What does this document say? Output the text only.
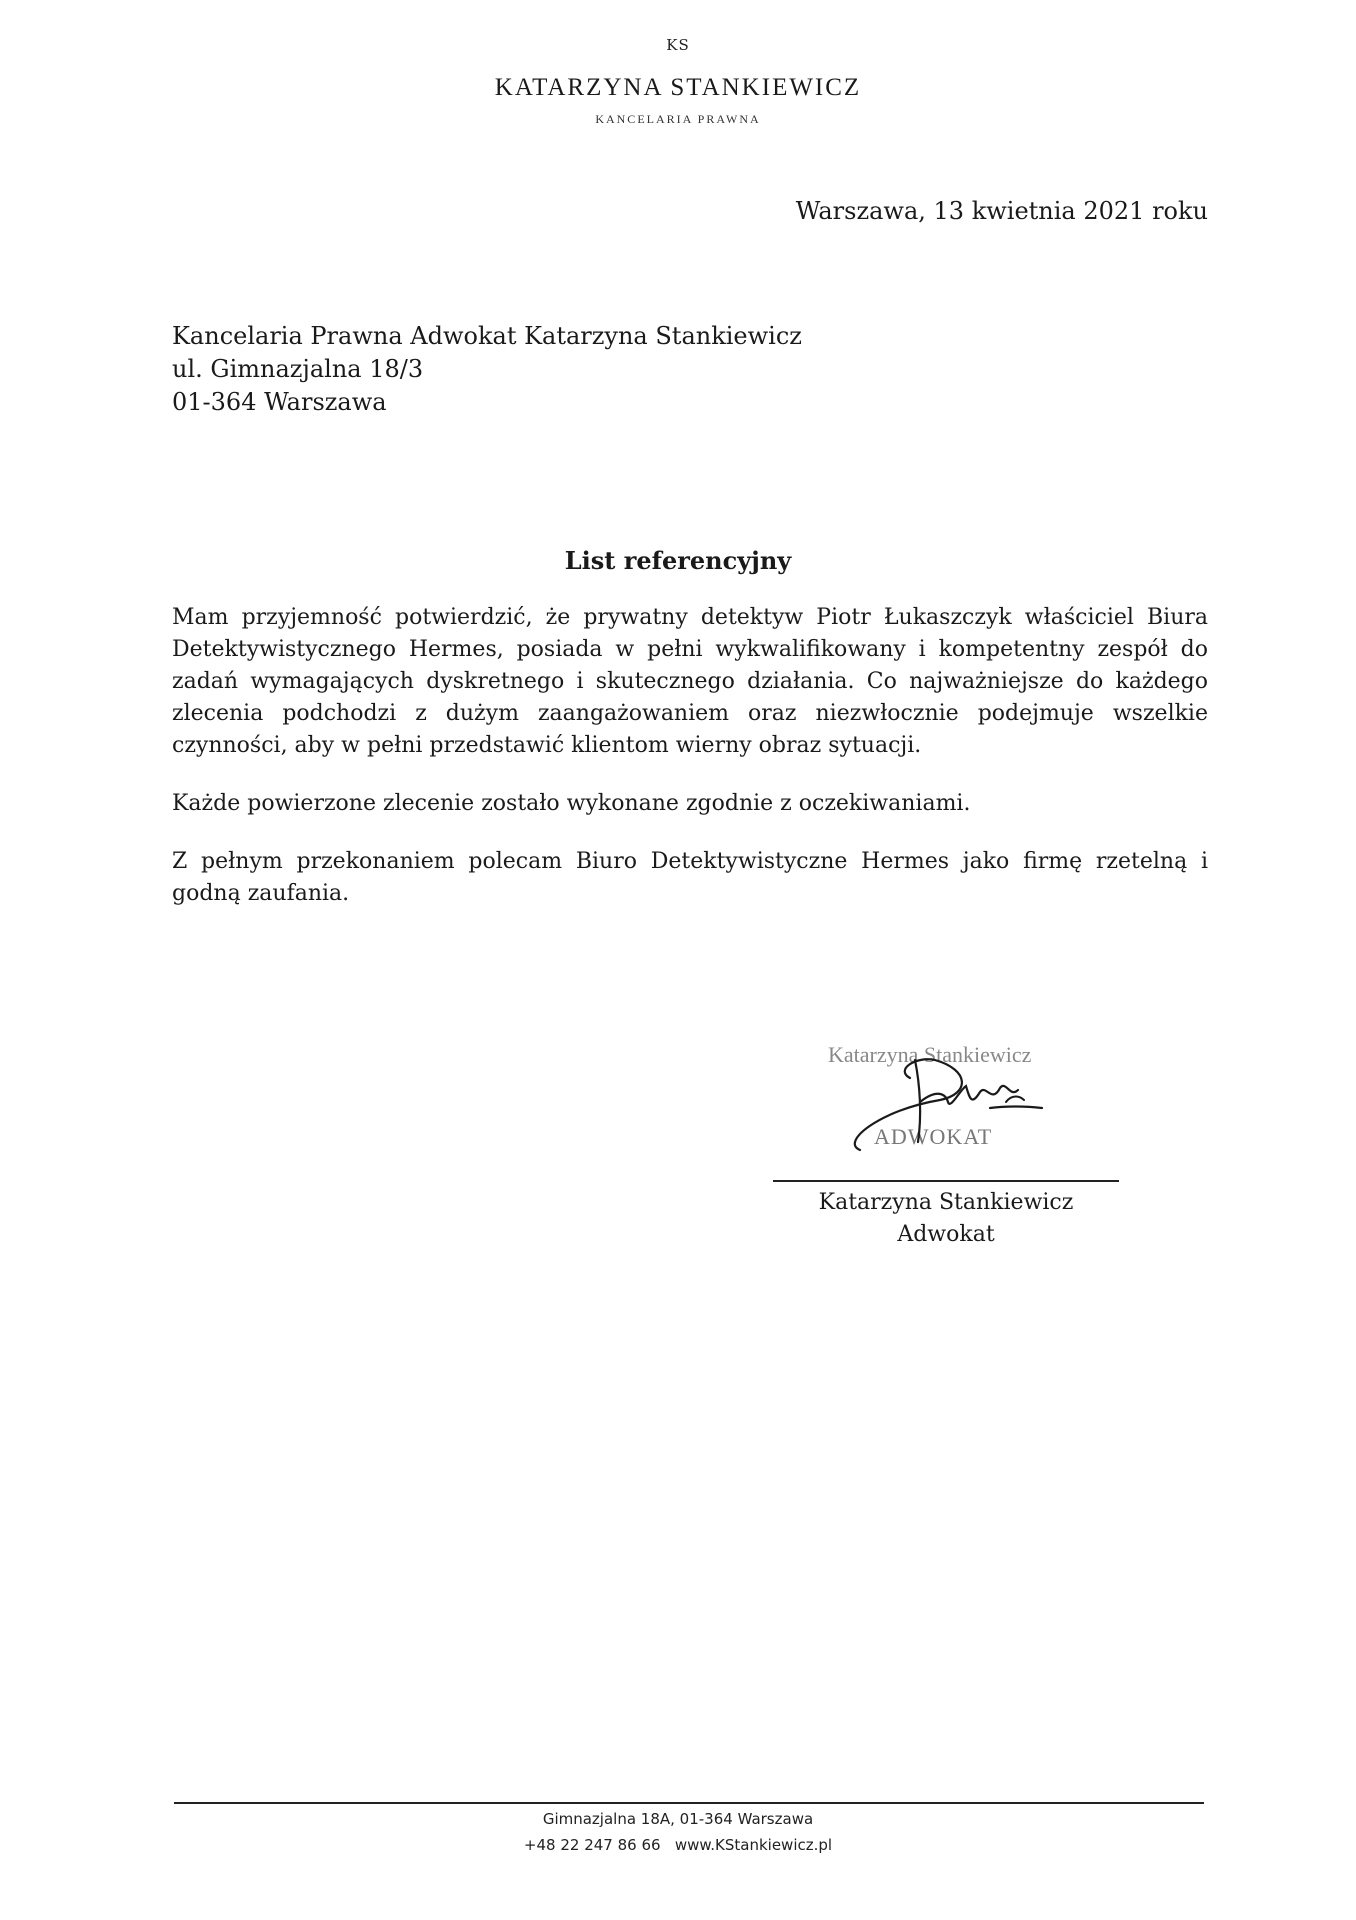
KS
KATARZYNA STANKIEWICZ
KANCELARIA PRAWNA
Warszawa, 13 kwietnia 2021 roku
Kancelaria Prawna Adwokat Katarzyna Stankiewicz
ul. Gimnazjalna 18/3
01-364 Warszawa
List referencyjny

Mam przyjemność potwierdzić, że prywatny detektyw Piotr Łukaszczyk właściciel Biura Detektywistycznego Hermes, posiada w pełni wykwalifikowany i kompetentny zespół do zadań wymagających dyskretnego i skutecznego działania. Co najważniejsze do każdego zlecenia podchodzi z dużym zaangażowaniem oraz niezwłocznie podejmuje wszelkie czynności, aby w pełni przedstawić klientom wierny obraz sytuacji.

Każde powierzone zlecenie zostało wykonane zgodnie z oczekiwaniami.

Z pełnym przekonaniem polecam Biuro Detektywistyczne Hermes jako firmę rzetelną i godną zaufania.

Katarzyna Stankiewicz
ADWOKAT
Katarzyna Stankiewicz
Adwokat
Gimnazjalna 18A, 01-364 Warszawa
+48 22 247 86 66   www.KStankiewicz.pl
